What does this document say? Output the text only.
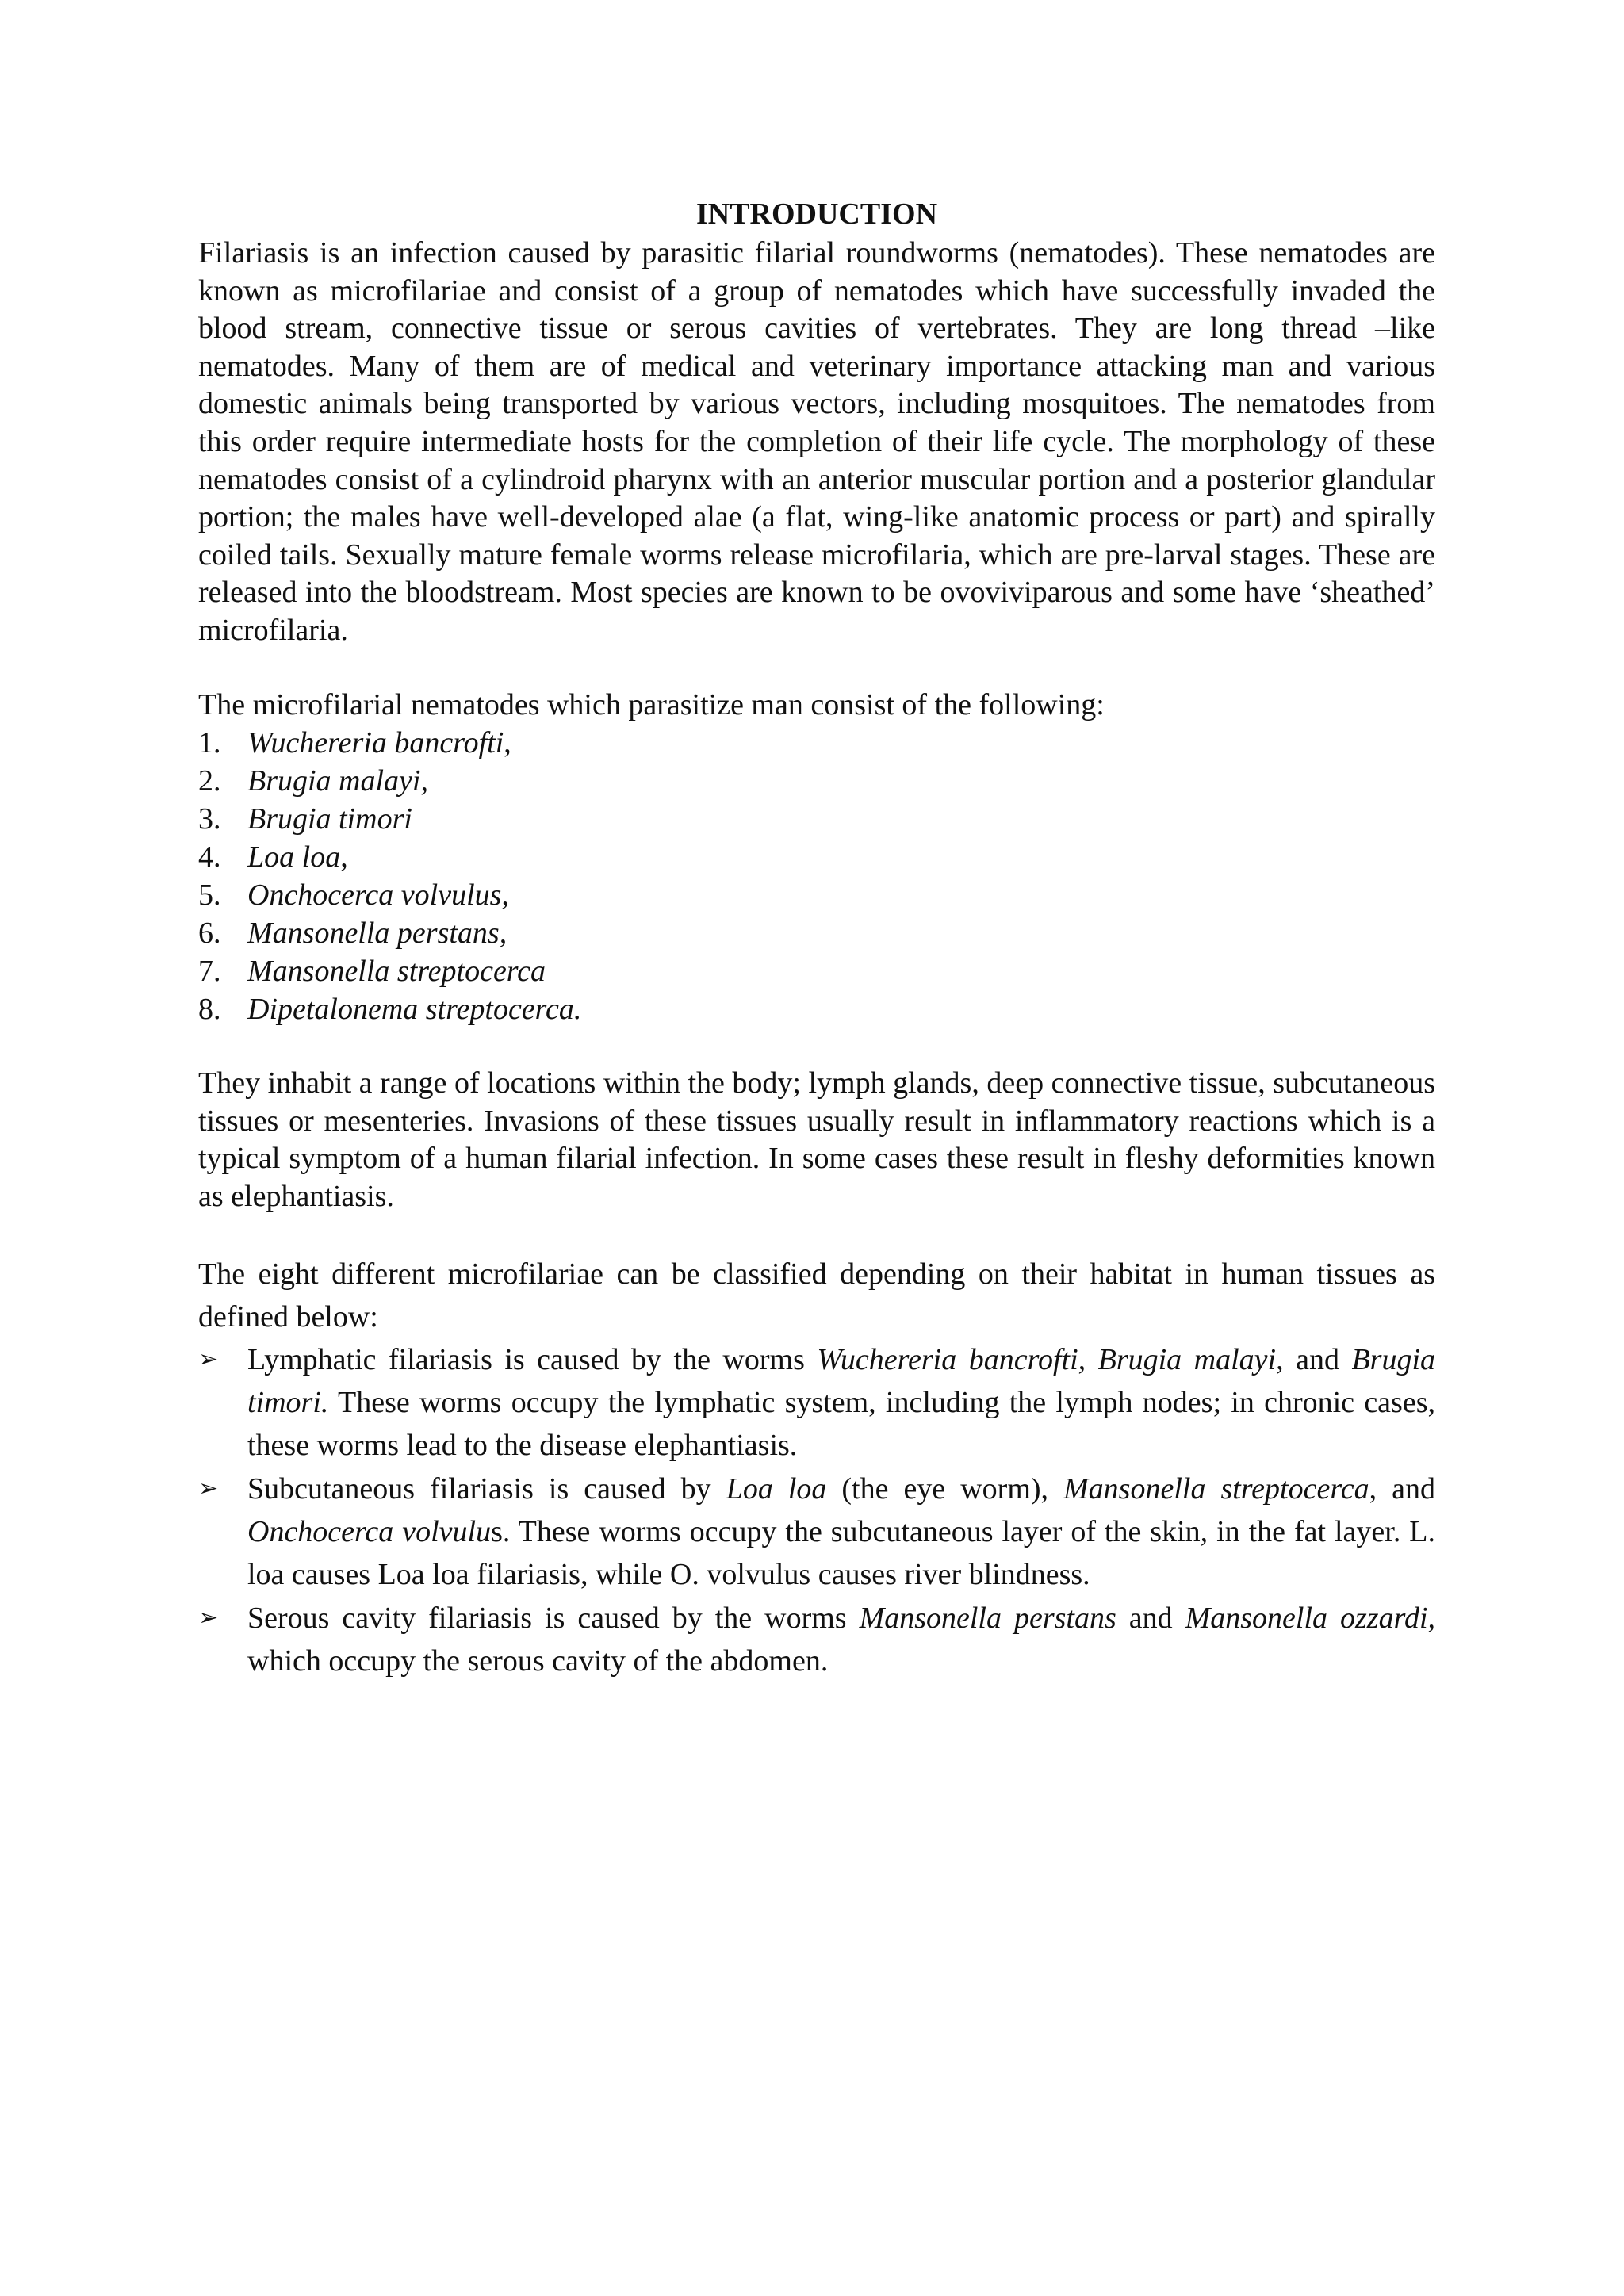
INTRODUCTION

Filariasis is an infection caused by parasitic filarial roundworms (nematodes). These nematodes are known as microfilariae and consist of a group of nematodes which have successfully invaded the blood stream, connective tissue or serous cavities of vertebrates. They are long thread –like nematodes. Many of them are of medical and veterinary importance attacking man and various domestic animals being transported by various vectors, including mosquitoes. The nematodes from this order require intermediate hosts for the completion of their life cycle. The morphology of these nematodes consist of a cylindroid pharynx with an anterior muscular portion and a posterior glandular portion; the males have well-developed alae (a flat, wing-like anatomic process or part) and spirally coiled tails. Sexually mature female worms release microfilaria, which are pre-larval stages. These are released into the bloodstream. Most species are known to be ovoviviparous and some have ‘sheathed’ microfilaria.

The microfilarial nematodes which parasitize man consist of the following:

1. Wuchereria bancrofti,
2. Brugia malayi,
3. Brugia timori
4. Loa loa,
5. Onchocerca volvulus,
6. Mansonella perstans,
7. Mansonella streptocerca
8. Dipetalonema streptocerca.

They inhabit a range of locations within the body; lymph glands, deep connective tissue, subcutaneous tissues or mesenteries. Invasions of these tissues usually result in inflammatory reactions which is a typical symptom of a human filarial infection. In some cases these result in fleshy deformities known as elephantiasis.

The eight different microfilariae can be classified depending on their habitat in human tissues as defined below:

➢ Lymphatic filariasis is caused by the worms Wuchereria bancrofti, Brugia malayi, and Brugia timori. These worms occupy the lymphatic system, including the lymph nodes; in chronic cases, these worms lead to the disease elephantiasis.
➢ Subcutaneous filariasis is caused by Loa loa (the eye worm), Mansonella streptocerca, and Onchocerca volvulus. These worms occupy the subcutaneous layer of the skin, in the fat layer. L. loa causes Loa loa filariasis, while O. volvulus causes river blindness.
➢ Serous cavity filariasis is caused by the worms Mansonella perstans and Mansonella ozzardi, which occupy the serous cavity of the abdomen.
